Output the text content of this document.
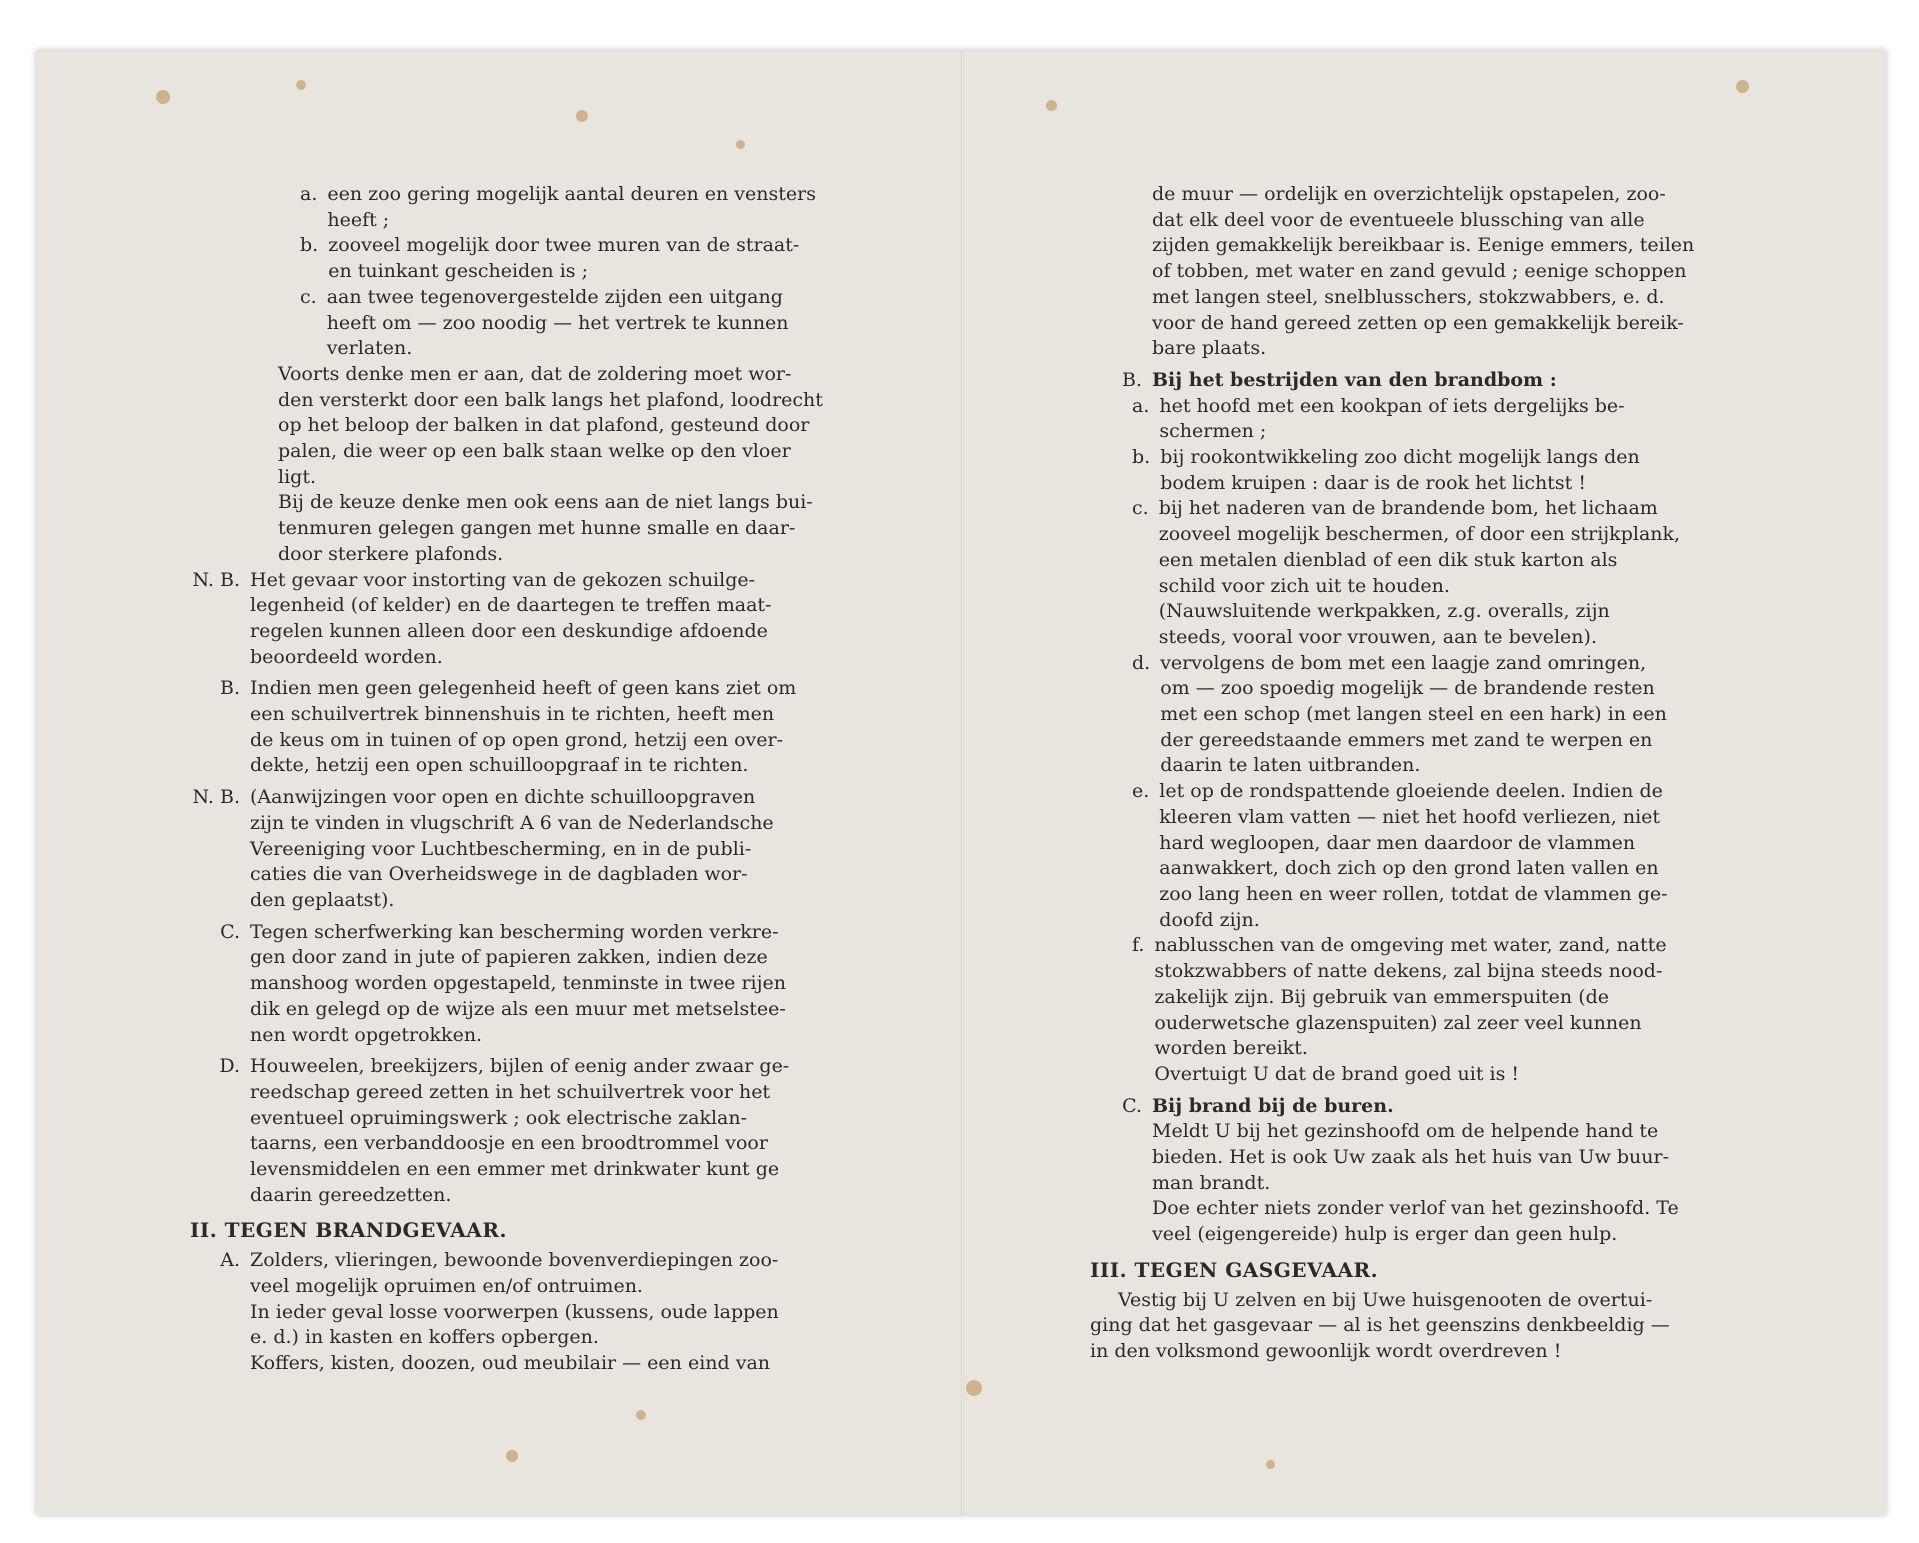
a. een zoo gering mogelijk aantal deuren en vensters
heeft ;
b. zooveel mogelijk door twee muren van de straat-
en tuinkant gescheiden is ;
c. aan twee tegenovergestelde zijden een uitgang
heeft om — zoo noodig — het vertrek te kunnen
verlaten.
Voorts denke men er aan, dat de zoldering moet wor-
den versterkt door een balk langs het plafond, loodrecht
op het beloop der balken in dat plafond, gesteund door
palen, die weer op een balk staan welke op den vloer
ligt.
Bij de keuze denke men ook eens aan de niet langs bui-
tenmuren gelegen gangen met hunne smalle en daar-
door sterkere plafonds.
N. B. Het gevaar voor instorting van de gekozen schuilge-
legenheid (of kelder) en de daartegen te treffen maat-
regelen kunnen alleen door een deskundige afdoende
beoordeeld worden.
B. Indien men geen gelegenheid heeft of geen kans ziet om
een schuilvertrek binnenshuis in te richten, heeft men
de keus om in tuinen of op open grond, hetzij een over-
dekte, hetzij een open schuilloopgraaf in te richten.
N. B. (Aanwijzingen voor open en dichte schuilloopgraven
zijn te vinden in vlugschrift A 6 van de Nederlandsche
Vereeniging voor Luchtbescherming, en in de publi-
caties die van Overheidswege in de dagbladen wor-
den geplaatst).
C. Tegen scherfwerking kan bescherming worden verkre-
gen door zand in jute of papieren zakken, indien deze
manshoog worden opgestapeld, tenminste in twee rijen
dik en gelegd op de wijze als een muur met metselstee-
nen wordt opgetrokken.
D. Houweelen, breekijzers, bijlen of eenig ander zwaar ge-
reedschap gereed zetten in het schuilvertrek voor het
eventueel opruimingswerk ; ook electrische zaklan-
taarns, een verbanddoosje en een broodtrommel voor
levensmiddelen en een emmer met drinkwater kunt ge
daarin gereedzetten.
II. TEGEN BRANDGEVAAR.
A. Zolders, vlieringen, bewoonde bovenverdiepingen zoo-
veel mogelijk opruimen en/of ontruimen.
In ieder geval losse voorwerpen (kussens, oude lappen
e. d.) in kasten en koffers opbergen.
Koffers, kisten, doozen, oud meubilair — een eind van
de muur — ordelijk en overzichtelijk opstapelen, zoo-
dat elk deel voor de eventueele blussching van alle
zijden gemakkelijk bereikbaar is. Eenige emmers, teilen
of tobben, met water en zand gevuld ; eenige schoppen
met langen steel, snelblusschers, stokzwabbers, e. d.
voor de hand gereed zetten op een gemakkelijk bereik-
bare plaats.
B. Bij het bestrijden van den brandbom :
a. het hoofd met een kookpan of iets dergelijks be-
schermen ;
b. bij rookontwikkeling zoo dicht mogelijk langs den
bodem kruipen : daar is de rook het lichtst !
c. bij het naderen van de brandende bom, het lichaam
zooveel mogelijk beschermen, of door een strijkplank,
een metalen dienblad of een dik stuk karton als
schild voor zich uit te houden.
(Nauwsluitende werkpakken, z.g. overalls, zijn
steeds, vooral voor vrouwen, aan te bevelen).
d. vervolgens de bom met een laagje zand omringen,
om — zoo spoedig mogelijk — de brandende resten
met een schop (met langen steel en een hark) in een
der gereedstaande emmers met zand te werpen en
daarin te laten uitbranden.
e. let op de rondspattende gloeiende deelen. Indien de
kleeren vlam vatten — niet het hoofd verliezen, niet
hard wegloopen, daar men daardoor de vlammen
aanwakkert, doch zich op den grond laten vallen en
zoo lang heen en weer rollen, totdat de vlammen ge-
doofd zijn.
f. nablusschen van de omgeving met water, zand, natte
stokzwabbers of natte dekens, zal bijna steeds nood-
zakelijk zijn. Bij gebruik van emmerspuiten (de
ouderwetsche glazenspuiten) zal zeer veel kunnen
worden bereikt.
Overtuigt U dat de brand goed uit is !
C. Bij brand bij de buren.
Meldt U bij het gezinshoofd om de helpende hand te
bieden. Het is ook Uw zaak als het huis van Uw buur-
man brandt.
Doe echter niets zonder verlof van het gezinshoofd. Te
veel (eigengereide) hulp is erger dan geen hulp.
III. TEGEN GASGEVAAR.
Vestig bij U zelven en bij Uwe huisgenooten de overtui-
ging dat het gasgevaar — al is het geenszins denkbeeldig —
in den volksmond gewoonlijk wordt overdreven !
